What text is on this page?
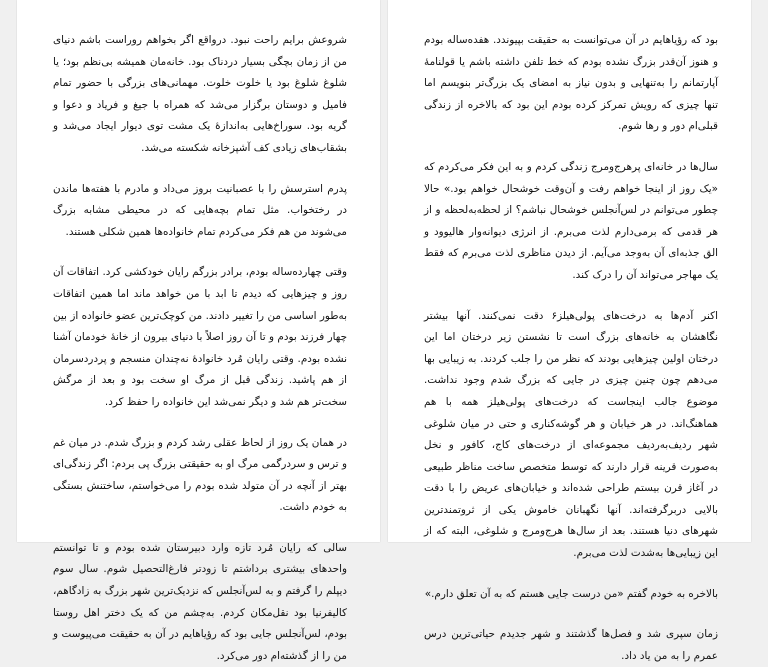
شروعش برایم راحت نبود. درواقع اگر بخواهم روراست باشم دنیای من از زمان بچگی بسیار دردناک بود. خانه‌مان همیشه بی‌نظم بود؛ یا شلوغ شلوغ بود یا خلوت خلوت. مهمانی‌های بزرگی با حضور تمام فامیل و دوستان برگزار می‌شد که همراه با جیغ و فریاد و دعوا و گریه بود. سوراخ‌هایی به‌اندازهٔ یک مشت توی دیوار ایجاد می‌شد و بشقاب‌های زیادی کف آشپزخانه شکسته می‌شد.

پدرم استرسش را با عصبانیت بروز می‌داد و مادرم با هفته‌ها ماندن در رختخواب. مثل تمام بچه‌هایی که در محیطی مشابه بزرگ می‌شوند من هم فکر می‌کردم تمام خانواده‌ها همین شکلی هستند.

وقتی چهارده‌ساله بودم، برادر بزرگم رایان خودکشی کرد. اتفاقات آن روز و چیزهایی که دیدم تا ابد با من خواهد ماند اما همین اتفاقات به‌طور اساسی من را تغییر دادند. من کوچک‌ترین عضو خانواده از بین چهار فرزند بودم و تا آن روز اصلاً با دنیای بیرون از خانهٔ خودمان آشنا نشده بودم. وقتی رایان مُرد خانوادهٔ نه‌چندان منسجم و پردردسرمان از هم پاشید. زندگی قبل از مرگ او سخت بود و بعد از مرگش سخت‌تر هم شد و دیگر نمی‌شد این خانواده را حفظ کرد.

در همان یک روز از لحاظ عقلی رشد کردم و بزرگ شدم. در میان غم و ترس و سردرگمی مرگ او به حقیقتی بزرگ پی بردم: اگر زندگی‌ای بهتر از آنچه در آن متولد شده بودم را می‌خواستم، ساختنش بستگی به خودم داشت.

سالی که رایان مُرد تازه وارد دبیرستان شده بودم و تا توانستم واحدهای بیشتری برداشتم تا زودتر فارغ‌التحصیل شوم. سال سوم دیپلم را گرفتم و به لس‌آنجلس که نزدیک‌ترین شهر بزرگ به زادگاهم، کالیفرنیا بود نقل‌مکان کردم. به‌چشم من که یک دختر اهل روستا بودم، لس‌آنجلس جایی بود که رؤیاهایم در آن به حقیقت می‌پیوست و من را از گذشته‌ام دور می‌کرد.

بود که رؤیاهایم در آن می‌توانست به حقیقت بپیوندد. هفده‌ساله بودم و هنوز آن‌قدر بزرگ نشده بودم که خط تلفن داشته باشم یا قولنامهٔ آپارتمانم را به‌تنهایی و بدون نیاز به امضای یک بزرگ‌تر بنویسم اما تنها چیزی که رویش تمرکز کرده بودم این بود که بالاخره از زندگی قبلی‌ام دور و رها شوم.

سال‌ها در خانه‌ای پرهرج‌ومرج زندگی کردم و به این فکر می‌کردم که «یک روز از اینجا خواهم رفت و آن‌وقت خوشحال خواهم بود.» حالا چطور می‌توانم در لس‌آنجلس خوشحال نباشم؟ از لحظه‌به‌لحظه و از هر قدمی که برمی‌دارم لذت می‌برم. از انرژی دیوانه‌وار هالیوود و الق جذبه‌ای آن به‌وجد می‌آیم. از دیدن مناظری لذت می‌برم که فقط یک مهاجر می‌تواند آن را درک کند.

اکنر آدم‌ها به درخت‌های پولی‌هیلز۶ دقت نمی‌کنند. آنها بیشتر نگاهشان به خانه‌های بزرگ است تا نشستن زیر درختان اما این درختان اولین چیزهایی بودند که نظر من را جلب کردند. به زیبایی بها می‌دهم چون چنین چیزی در جایی که بزرگ شدم وجود نداشت. موضوع جالب اینجاست که درخت‌های پولی‌هیلز همه با هم هماهنگ‌اند. در هر خیابان و هر گوشه‌کناری و حتی در میان شلوغی شهر ردیف‌به‌ردیف مجموعه‌ای از درخت‌های کاج، کافور و نخل به‌صورت قرینه قرار دارند که توسط متخصص ساخت مناظر طبیعی در آغاز قرن بیستم طراحی شده‌اند و خیابان‌های عریض را با دقت بالایی دربرگرفته‌اند. آنها نگهبانان خاموش یکی از ثروتمندترین شهرهای دنیا هستند. بعد از سال‌ها هرج‌ومرج و شلوغی، البته که از این زیبایی‌ها به‌شدت لذت می‌برم.

بالاخره به خودم گفتم «من درست جایی هستم که به آن تعلق دارم.»

زمان سپری شد و فصل‌ها گذشتند و شهر جدیدم حیاتی‌ترین درس عمرم را به من یاد داد.
